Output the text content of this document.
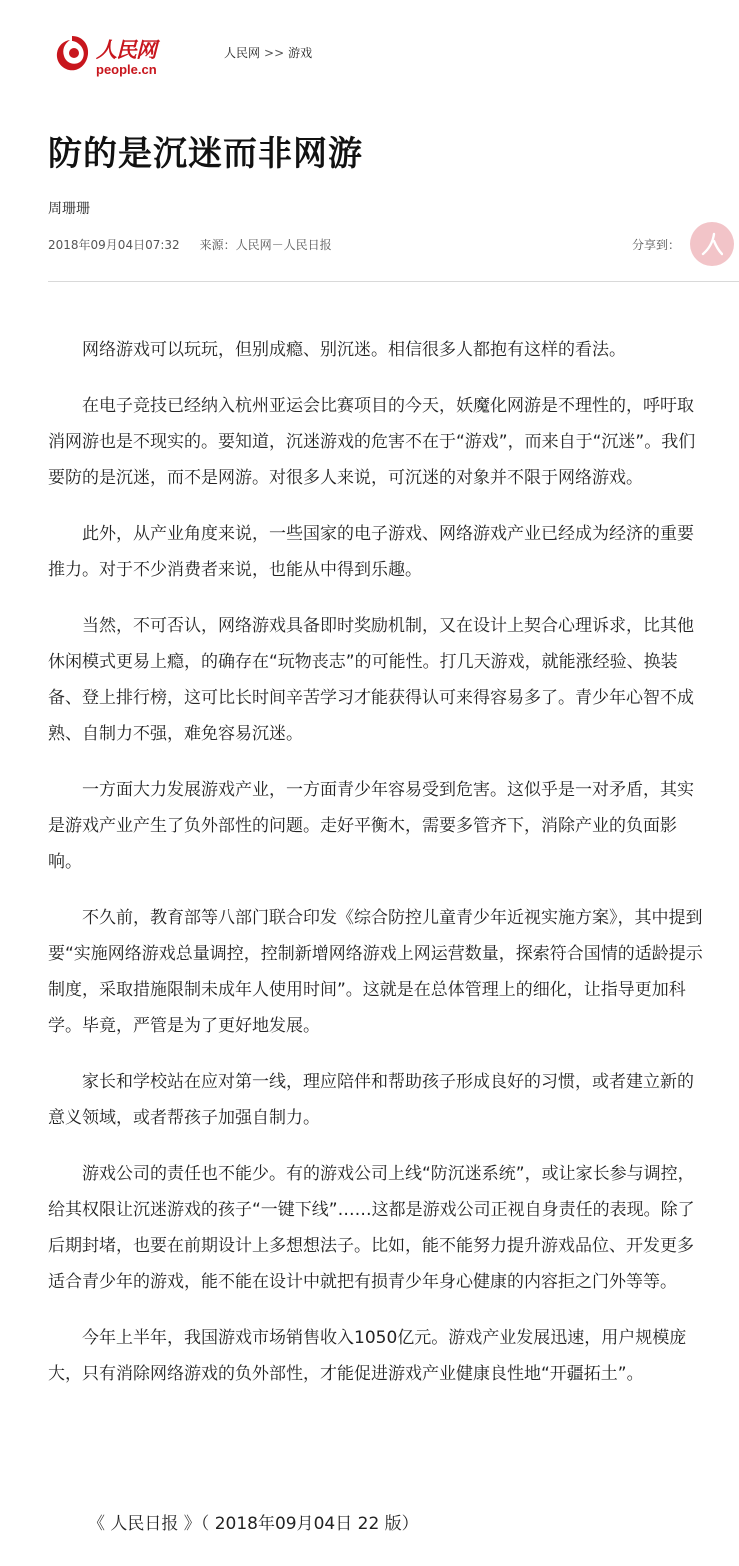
人民网
people.cn
人民网 >> 游戏
防的是沉迷而非网游
周珊珊
2018年09月04日07:32 来源：人民网－人民日报	分享到：

网络游戏可以玩玩，但别成瘾、别沉迷。相信很多人都抱有这样的看法。

在电子竞技已经纳入杭州亚运会比赛项目的今天，妖魔化网游是不理性的，呼吁取消网游也是不现实的。要知道，沉迷游戏的危害不在于“游戏”，而来自于“沉迷”。我们要防的是沉迷，而不是网游。对很多人来说，可沉迷的对象并不限于网络游戏。

此外，从产业角度来说，一些国家的电子游戏、网络游戏产业已经成为经济的重要推力。对于不少消费者来说，也能从中得到乐趣。

当然，不可否认，网络游戏具备即时奖励机制，又在设计上契合心理诉求，比其他休闲模式更易上瘾，的确存在“玩物丧志”的可能性。打几天游戏，就能涨经验、换装备、登上排行榜，这可比长时间辛苦学习才能获得认可来得容易多了。青少年心智不成熟、自制力不强，难免容易沉迷。

一方面大力发展游戏产业，一方面青少年容易受到危害。这似乎是一对矛盾，其实是游戏产业产生了负外部性的问题。走好平衡木，需要多管齐下，消除产业的负面影响。

不久前，教育部等八部门联合印发《综合防控儿童青少年近视实施方案》，其中提到要“实施网络游戏总量调控，控制新增网络游戏上网运营数量，探索符合国情的适龄提示制度，采取措施限制未成年人使用时间”。这就是在总体管理上的细化，让指导更加科学。毕竟，严管是为了更好地发展。

家长和学校站在应对第一线，理应陪伴和帮助孩子形成良好的习惯，或者建立新的意义领域，或者帮孩子加强自制力。

游戏公司的责任也不能少。有的游戏公司上线“防沉迷系统”，或让家长参与调控，给其权限让沉迷游戏的孩子“一键下线”……这都是游戏公司正视自身责任的表现。除了后期封堵，也要在前期设计上多想想法子。比如，能不能努力提升游戏品位、开发更多适合青少年的游戏，能不能在设计中就把有损青少年身心健康的内容拒之门外等等。

今年上半年，我国游戏市场销售收入1050亿元。游戏产业发展迅速，用户规模庞大，只有消除网络游戏的负外部性，才能促进游戏产业健康良性地“开疆拓土”。

《 人民日报 》（ 2018年09月04日 22 版）
